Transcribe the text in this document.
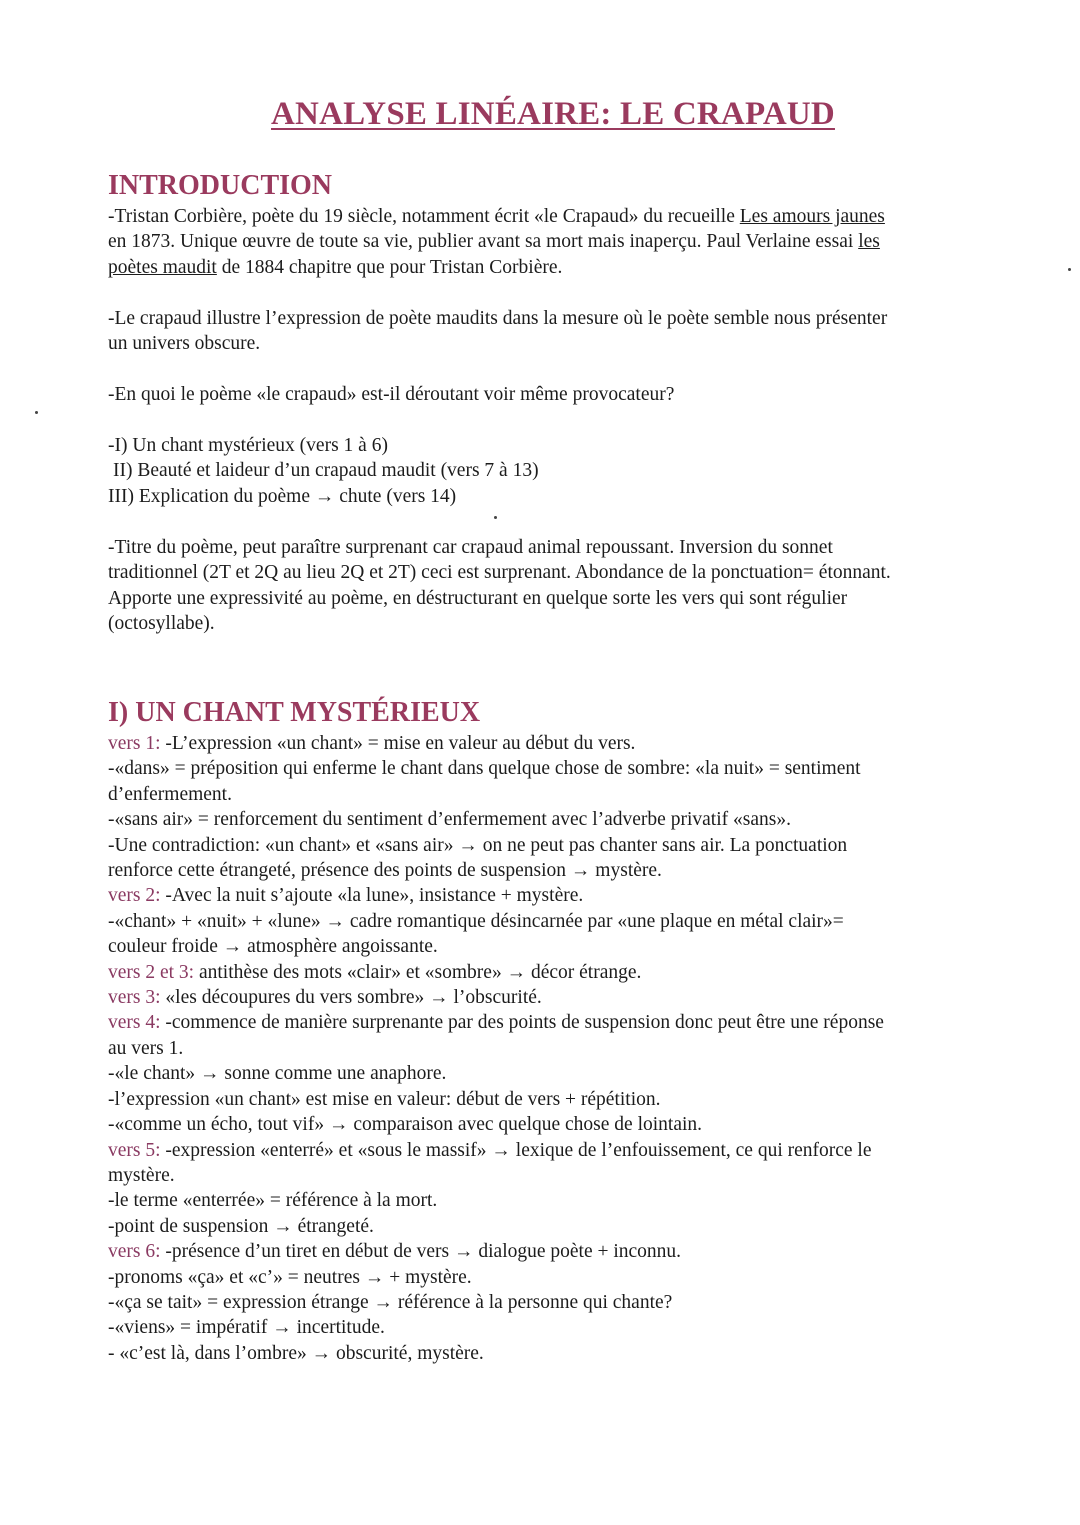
ANALYSE LINÉAIRE: LE CRAPAUD
INTRODUCTION
-Tristan Corbière, poète du 19 siècle, notamment écrit «le Crapaud» du recueille Les amours jaunes
en 1873. Unique œuvre de toute sa vie, publier avant sa mort mais inaperçu. Paul Verlaine essai les
poètes maudit de 1884 chapitre que pour Tristan Corbière.
-Le crapaud illustre l’expression de poète maudits dans la mesure où le poète semble nous présenter
un univers obscure.
-En quoi le poème «le crapaud» est-il déroutant voir même provocateur?
-I) Un chant mystérieux (vers 1 à 6)
II) Beauté et laideur d’un crapaud maudit (vers 7 à 13)
III) Explication du poème → chute (vers 14)
-Titre du poème, peut paraître surprenant car crapaud animal repoussant. Inversion du sonnet
traditionnel (2T et 2Q au lieu 2Q et 2T) ceci est surprenant. Abondance de la ponctuation= étonnant.
Apporte une expressivité au poème, en déstructurant en quelque sorte les vers qui sont régulier
(octosyllabe).
I) UN CHANT MYSTÉRIEUX
vers 1: -L’expression «un chant» = mise en valeur au début du vers.
-«dans» = préposition qui enferme le chant dans quelque chose de sombre: «la nuit» = sentiment
d’enfermement.
-«sans air» = renforcement du sentiment d’enfermement avec l’adverbe privatif «sans».
-Une contradiction: «un chant» et «sans air» → on ne peut pas chanter sans air. La ponctuation
renforce cette étrangeté, présence des points de suspension → mystère.
vers 2: -Avec la nuit s’ajoute «la lune», insistance + mystère.
-«chant» + «nuit» + «lune» → cadre romantique désincarnée par «une plaque en métal clair»=
couleur froide → atmosphère angoissante.
vers 2 et 3: antithèse des mots «clair» et «sombre» → décor étrange.
vers 3: «les découpures du vers sombre» → l’obscurité.
vers 4: -commence de manière surprenante par des points de suspension donc peut être une réponse
au vers 1.
-«le chant» → sonne comme une anaphore.
-l’expression «un chant» est mise en valeur: début de vers + répétition.
-«comme un écho, tout vif» → comparaison avec quelque chose de lointain.
vers 5: -expression «enterré» et «sous le massif» → lexique de l’enfouissement, ce qui renforce le
mystère.
-le terme «enterrée» = référence à la mort.
-point de suspension → étrangeté.
vers 6: -présence d’un tiret en début de vers → dialogue poète + inconnu.
-pronoms «ça» et «c’» = neutres → + mystère.
-«ça se tait» = expression étrange → référence à la personne qui chante?
-«viens» = impératif → incertitude.
- «c’est là, dans l’ombre» → obscurité, mystère.
